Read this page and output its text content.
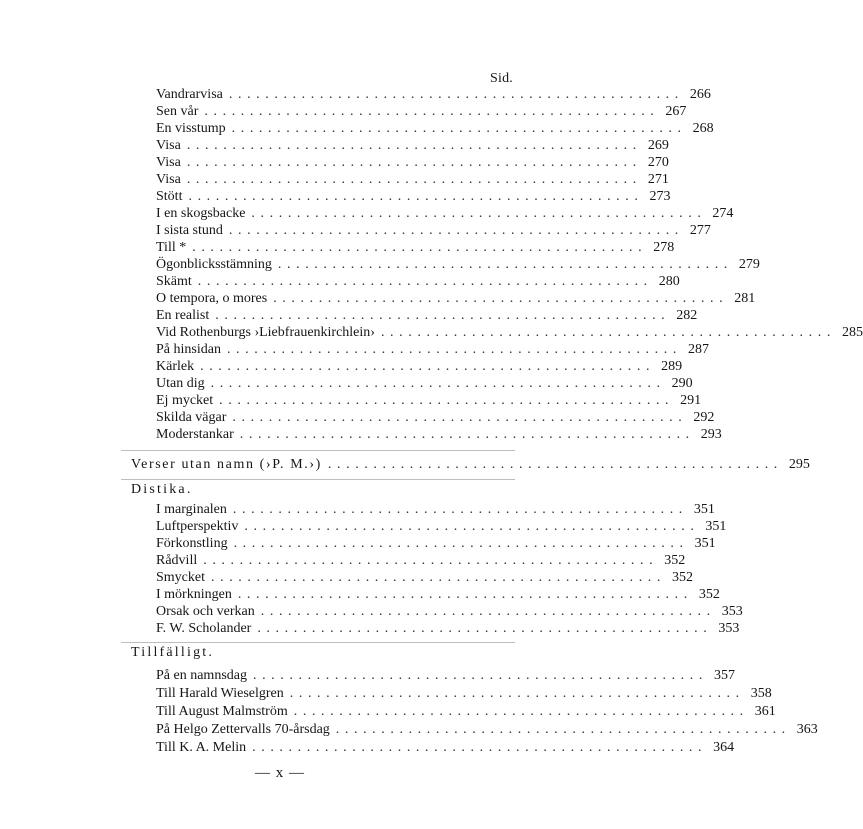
Sid.
Vandrarvisa .................................................. 266
Sen vår .................................................. 267
En visstump .................................................. 268
Visa .................................................. 269
Visa .................................................. 270
Visa .................................................. 271
Stött .................................................. 273
I en skogsbacke .................................................. 274
I sista stund .................................................. 277
Till * .................................................. 278
Ögonblicksstämning .................................................. 279
Skämt .................................................. 280
O tempora, o mores .................................................. 281
En realist .................................................. 282
Vid Rothenburgs ›Liebfrauenkirchlein› .................................................. 285
På hinsidan .................................................. 287
Kärlek .................................................. 289
Utan dig .................................................. 290
Ej mycket .................................................. 291
Skilda vägar .................................................. 292
Moderstankar .................................................. 293
Verser utan namn (›P. M.›) .................................................. 295
Distika.
I marginalen .................................................. 351
Luftperspektiv .................................................. 351
Förkonstling .................................................. 351
Rådvill .................................................. 352
Smycket .................................................. 352
I mörkningen .................................................. 352
Orsak och verkan .................................................. 353
F. W. Scholander .................................................. 353
Tillfälligt.
På en namnsdag .................................................. 357
Till Harald Wieselgren .................................................. 358
Till August Malmström .................................................. 361
På Helgo Zettervalls 70-årsdag .................................................. 363
Till K. A. Melin .................................................. 364
— x —
